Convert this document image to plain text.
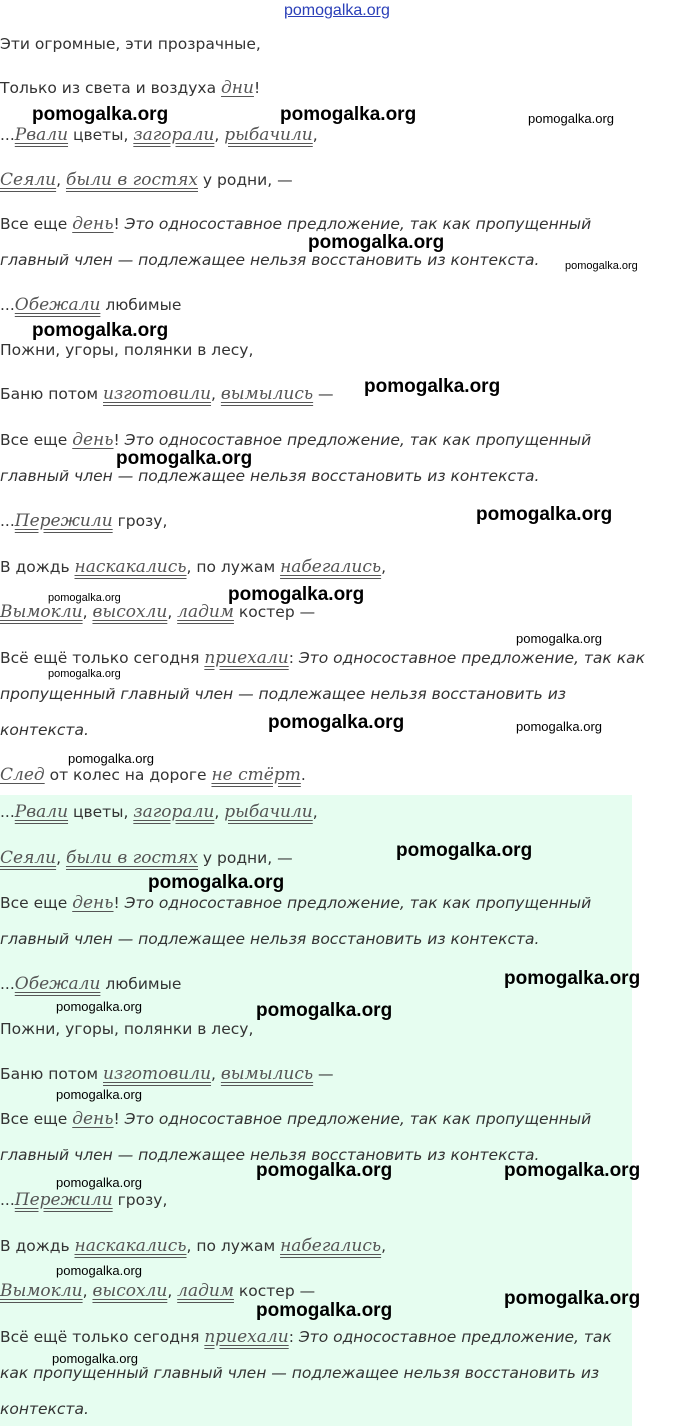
pomogalka.org
Эти огромные, эти прозрачные,
Только из света и воздуха дни!
...Рвали цветы, загорали, рыбачили,
Сеяли, были в гостях у родни, —
Все еще день! Это односоставное предложение, так как пропущенный
главный член — подлежащее нельзя восстановить из контекста.
...Обежали любимые
Пожни, угоры, полянки в лесу,
Баню потом изготовили, вымылись —
Все еще день! Это односоставное предложение, так как пропущенный
главный член — подлежащее нельзя восстановить из контекста.
...Пережили грозу,
В дождь наскакались, по лужам набегались,
Вымокли, высохли, ладим костер —
Всё ещё только сегодня приехали: Это односоставное предложение, так как
пропущенный главный член — подлежащее нельзя восстановить из
контекста.
След от колес на дороге не стёрт.
...Рвали цветы, загорали, рыбачили,
Сеяли, были в гостях у родни, —
Все еще день! Это односоставное предложение, так как пропущенный
главный член — подлежащее нельзя восстановить из контекста.
...Обежали любимые
Пожни, угоры, полянки в лесу,
Баню потом изготовили, вымылись —
Все еще день! Это односоставное предложение, так как пропущенный
главный член — подлежащее нельзя восстановить из контекста.
...Пережили грозу,
В дождь наскакались, по лужам набегались,
Вымокли, высохли, ладим костер —
Всё ещё только сегодня приехали: Это односоставное предложение, так
как пропущенный главный член — подлежащее нельзя восстановить из
контекста.
pomogalka.org	pomogalka.org	pomogalka.org
pomogalka.org
pomogalka.org
pomogalka.org
pomogalka.org
pomogalka.org
pomogalka.org
pomogalka.org	pomogalka.org
pomogalka.org
pomogalka.org
pomogalka.org	pomogalka.org
pomogalka.org
pomogalka.org
pomogalka.org
pomogalka.org
pomogalka.org	pomogalka.org
pomogalka.org
pomogalka.org	pomogalka.org
pomogalka.org
pomogalka.org
pomogalka.org
pomogalka.org
pomogalka.org
